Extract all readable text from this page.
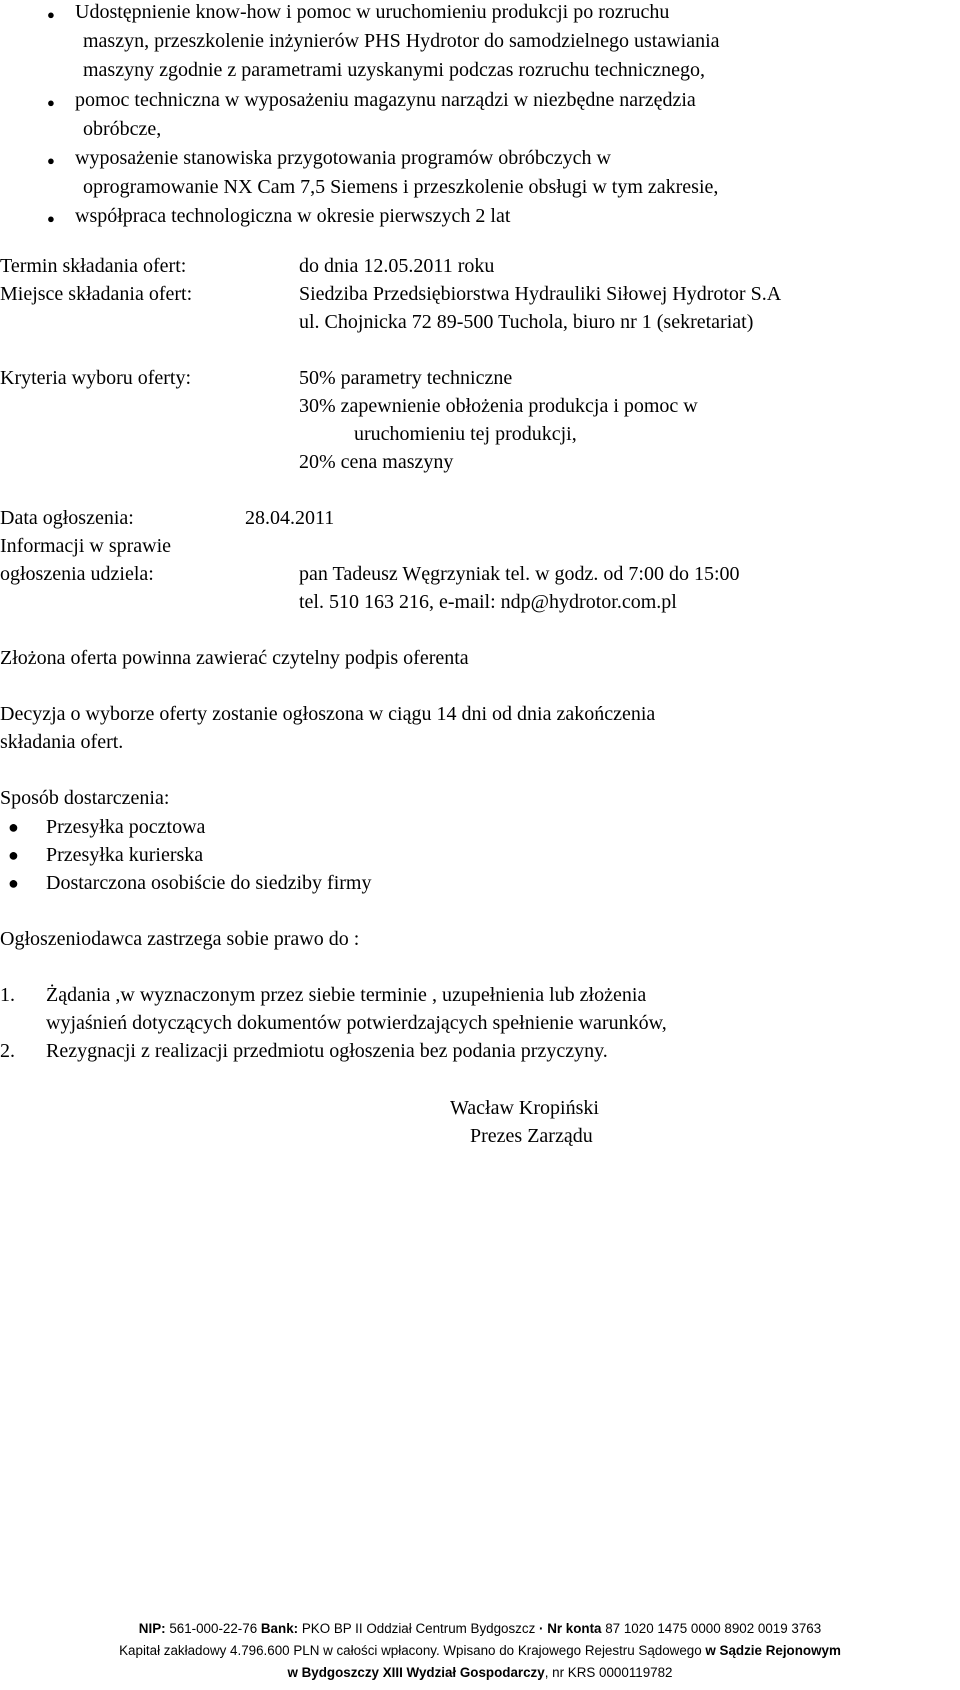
● Udostępnienie know-how i pomoc w uruchomieniu produkcji po rozruchu
maszyn, przeszkolenie inżynierów PHS Hydrotor do samodzielnego ustawiania
maszyny zgodnie z parametrami uzyskanymi podczas rozruchu technicznego,
● pomoc techniczna w wyposażeniu magazynu narządzi w niezbędne narzędzia
obróbcze,
● wyposażenie stanowiska przygotowania programów obróbczych w
oprogramowanie NX Cam 7,5 Siemens i przeszkolenie obsługi w tym zakresie,
● współpraca technologiczna w okresie pierwszych 2 lat
Termin składania ofert:	do dnia 12.05.2011 roku
Miejsce składania ofert:	Siedziba Przedsiębiorstwa Hydrauliki Siłowej Hydrotor S.A
ul. Chojnicka 72 89-500 Tuchola, biuro nr 1 (sekretariat)
Kryteria wyboru oferty:	50% parametry techniczne
30% zapewnienie obłożenia produkcja i pomoc w
uruchomieniu tej produkcji,
20% cena maszyny
Data ogłoszenia:	28.04.2011
Informacji w sprawie
ogłoszenia udziela:	pan Tadeusz Węgrzyniak tel. w godz. od 7:00 do 15:00
tel. 510 163 216, e-mail: ndp@hydrotor.com.pl
Złożona oferta powinna zawierać czytelny podpis oferenta
Decyzja o wyborze oferty zostanie ogłoszona w ciągu 14 dni od dnia zakończenia
składania ofert.
Sposób dostarczenia:
● Przesyłka pocztowa
● Przesyłka kurierska
● Dostarczona osobiście do siedziby firmy
Ogłoszeniodawca zastrzega sobie prawo do :
1. Żądania ,w wyznaczonym przez siebie terminie , uzupełnienia lub złożenia
wyjaśnień dotyczących dokumentów potwierdzających spełnienie warunków,
2. Rezygnacji z realizacji przedmiotu ogłoszenia bez podania przyczyny.
Wacław Kropiński
Prezes Zarządu
NIP: 561-000-22-76 Bank: PKO BP II Oddział Centrum Bydgoszcz · Nr konta 87 1020 1475 0000 8902 0019 3763
Kapitał zakładowy 4.796.600 PLN w całości wpłacony. Wpisano do Krajowego Rejestru Sądowego w Sądzie Rejonowym
w Bydgoszczy XIII Wydział Gospodarczy, nr KRS 0000119782
